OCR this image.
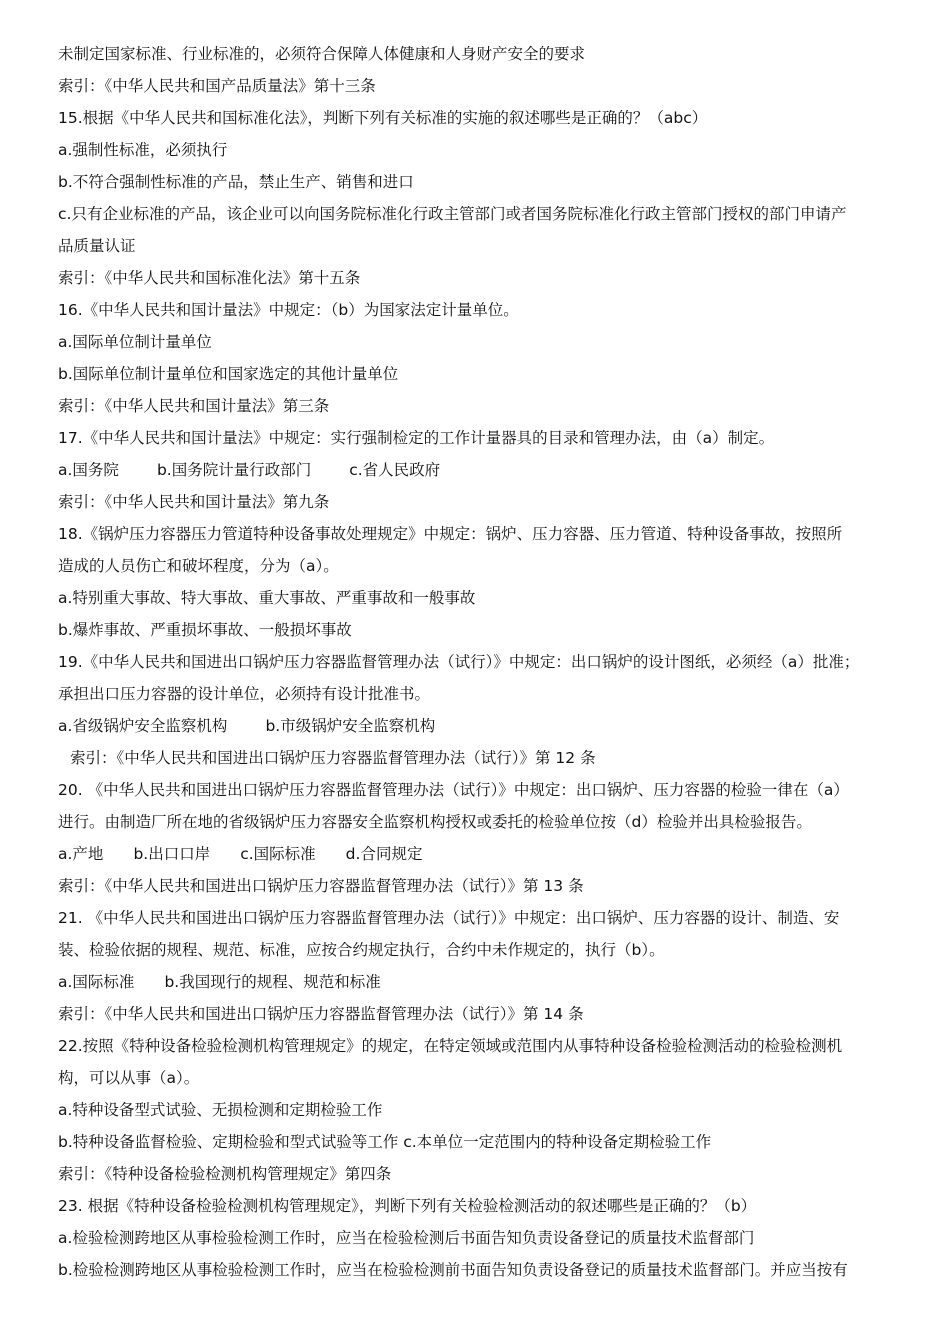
未制定国家标准、行业标准的，必须符合保障人体健康和人身财产安全的要求
索引：《中华人民共和国产品质量法》第十三条
15.根据《中华人民共和国标准化法》，判断下列有关标准的实施的叙述哪些是正确的？（abc）
a.强制性标准，必须执行
b.不符合强制性标准的产品，禁止生产、销售和进口
c.只有企业标准的产品，该企业可以向国务院标准化行政主管部门或者国务院标准化行政主管部门授权的部门申请产
品质量认证
索引：《中华人民共和国标准化法》第十五条
16.《中华人民共和国计量法》中规定：（b）为国家法定计量单位。
a.国际单位制计量单位
b.国际单位制计量单位和国家选定的其他计量单位
索引：《中华人民共和国计量法》第三条
17.《中华人民共和国计量法》中规定：实行强制检定的工作计量器具的目录和管理办法，由（a）制定。
a.国务院 b.国务院计量行政部门 c.省人民政府
索引：《中华人民共和国计量法》第九条
18.《锅炉压力容器压力管道特种设备事故处理规定》中规定：锅炉、压力容器、压力管道、特种设备事故，按照所
造成的人员伤亡和破坏程度，分为（a）。
a.特别重大事故、特大事故、重大事故、严重事故和一般事故
b.爆炸事故、严重损坏事故、一般损坏事故
19.《中华人民共和国进出口锅炉压力容器监督管理办法（试行）》中规定：出口锅炉的设计图纸，必须经（a）批准；
承担出口压力容器的设计单位，必须持有设计批准书。
a.省级锅炉安全监察机构 b.市级锅炉安全监察机构
索引：《中华人民共和国进出口锅炉压力容器监督管理办法（试行）》第 12 条
20. 《中华人民共和国进出口锅炉压力容器监督管理办法（试行）》中规定：出口锅炉、压力容器的检验一律在（a）
进行。由制造厂所在地的省级锅炉压力容器安全监察机构授权或委托的检验单位按（d）检验并出具检验报告。
a.产地 b.出口口岸 c.国际标准 d.合同规定
索引：《中华人民共和国进出口锅炉压力容器监督管理办法（试行）》第 13 条
21. 《中华人民共和国进出口锅炉压力容器监督管理办法（试行）》中规定：出口锅炉、压力容器的设计、制造、安
装、检验依据的规程、规范、标准，应按合约规定执行，合约中未作规定的，执行（b）。
a.国际标准 b.我国现行的规程、规范和标准
索引：《中华人民共和国进出口锅炉压力容器监督管理办法（试行）》第 14 条
22.按照《特种设备检验检测机构管理规定》的规定，在特定领域或范围内从事特种设备检验检测活动的检验检测机
构，可以从事（a）。
a.特种设备型式试验、无损检测和定期检验工作
b.特种设备监督检验、定期检验和型式试验等工作 c.本单位一定范围内的特种设备定期检验工作
索引：《特种设备检验检测机构管理规定》第四条
23. 根据《特种设备检验检测机构管理规定》，判断下列有关检验检测活动的叙述哪些是正确的？（b）
a.检验检测跨地区从事检验检测工作时，应当在检验检测后书面告知负责设备登记的质量技术监督部门
b.检验检测跨地区从事检验检测工作时，应当在检验检测前书面告知负责设备登记的质量技术监督部门。并应当按有
